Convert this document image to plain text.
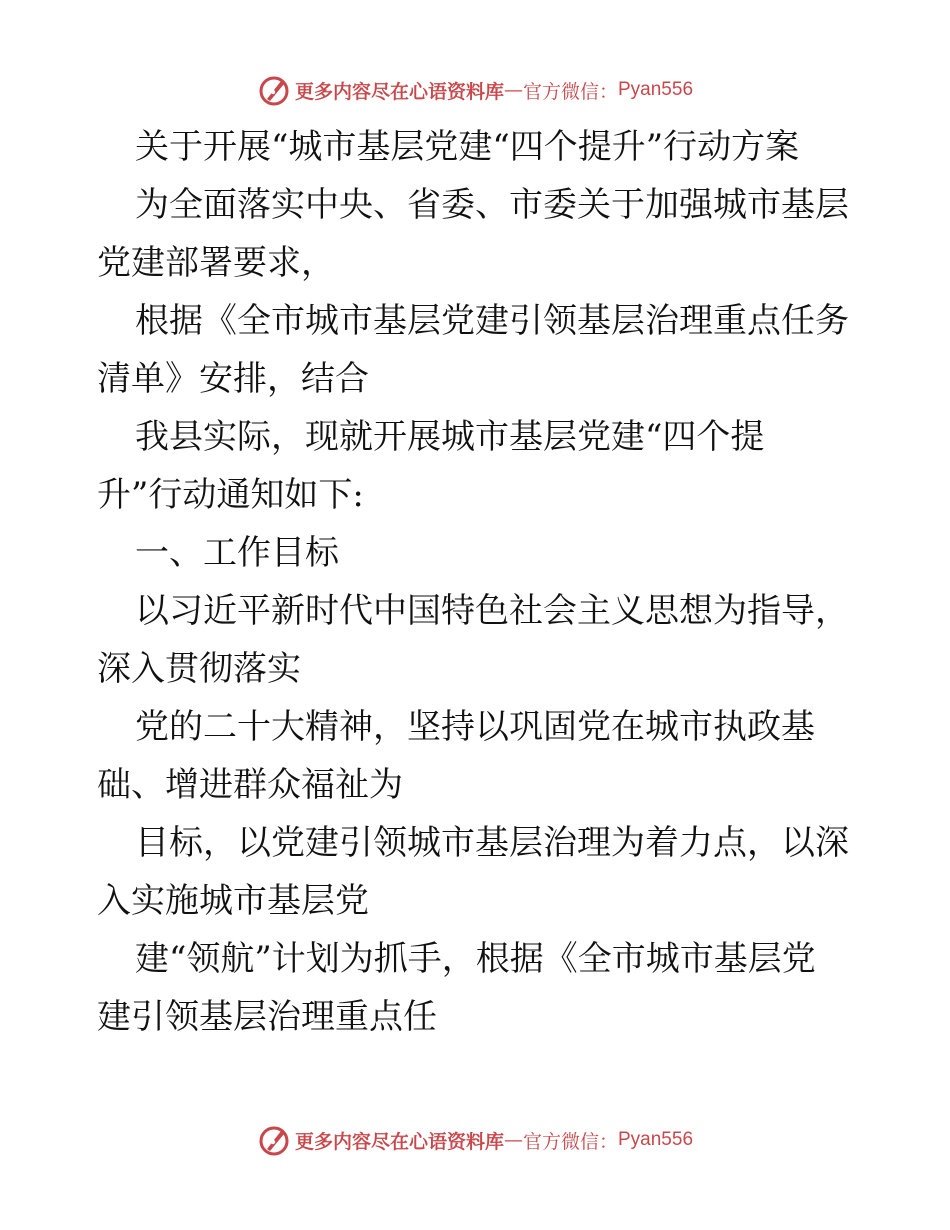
更多内容尽在心语资料库 — 官方微信： Pyan556
关于开展“城市基层党建“四个提升”行动方案
为全面落实中央、省委、市委关于加强城市基层
党建部署要求，
根据《全市城市基层党建引领基层治理重点任务
清单》安排，结合
我县实际，现就开展城市基层党建“四个提
升”行动通知如下:
一、工作目标
以习近平新时代中国特色社会主义思想为指导，
深入贯彻落实
党的二十大精神，坚持以巩固党在城市执政基
础、增进群众福祉为
目标，以党建引领城市基层治理为着力点，以深
入实施城市基层党
建“领航”计划为抓手，根据《全市城市基层党
建引领基层治理重点任
更多内容尽在心语资料库 — 官方微信： Pyan556
